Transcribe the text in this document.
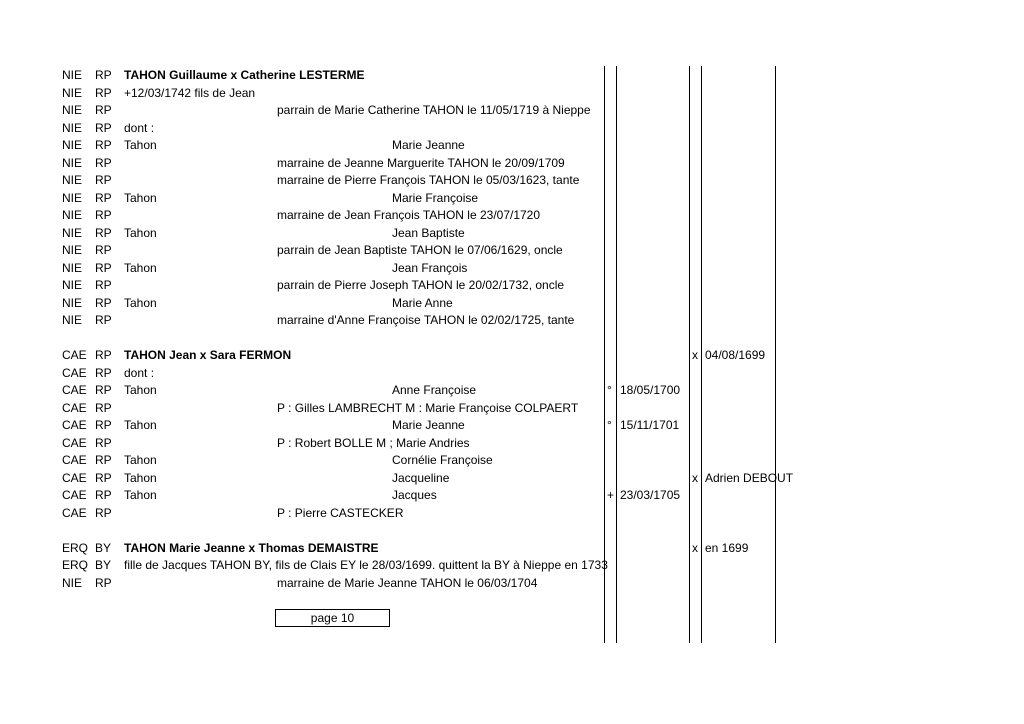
NIE RP TAHON Guillaume x Catherine LESTERME
NIE RP +12/03/1742 fils de Jean
NIE RP	parrain de Marie Catherine TAHON le 11/05/1719 à Nieppe
NIE RP dont :
NIE RP Tahon	Marie Jeanne
NIE RP	marraine de Jeanne Marguerite TAHON le 20/09/1709
NIE RP	marraine de Pierre François TAHON le 05/03/1623, tante
NIE RP Tahon	Marie Françoise
NIE RP	marraine de Jean François TAHON le 23/07/1720
NIE RP Tahon	Jean Baptiste
NIE RP	parrain de Jean Baptiste TAHON le 07/06/1629, oncle
NIE RP Tahon	Jean François
NIE RP	parrain de Pierre Joseph TAHON le 20/02/1732, oncle
NIE RP Tahon	Marie Anne
NIE RP	marraine d'Anne Françoise TAHON le 02/02/1725, tante
CAE RP TAHON Jean x Sara FERMON	x 04/08/1699
CAE RP dont :
CAE RP Tahon	Anne Françoise	° 18/05/1700
CAE RP	P : Gilles LAMBRECHT M : Marie Françoise COLPAERT
CAE RP Tahon	Marie Jeanne	° 15/11/1701
CAE RP	P : Robert BOLLE M ; Marie Andries
CAE RP Tahon	Cornélie Françoise
CAE RP Tahon	Jacqueline	x Adrien DEBOUT
CAE RP Tahon	Jacques	+ 23/03/1705
CAE RP	P : Pierre CASTECKER
ERQ BY TAHON Marie Jeanne x Thomas DEMAISTRE	x en 1699
ERQ BY fille de Jacques TAHON BY, fils de Clais EY le 28/03/1699. quittent la BY à Nieppe en 1733
NIE RP	marraine de Marie Jeanne TAHON le 06/03/1704
page 10
